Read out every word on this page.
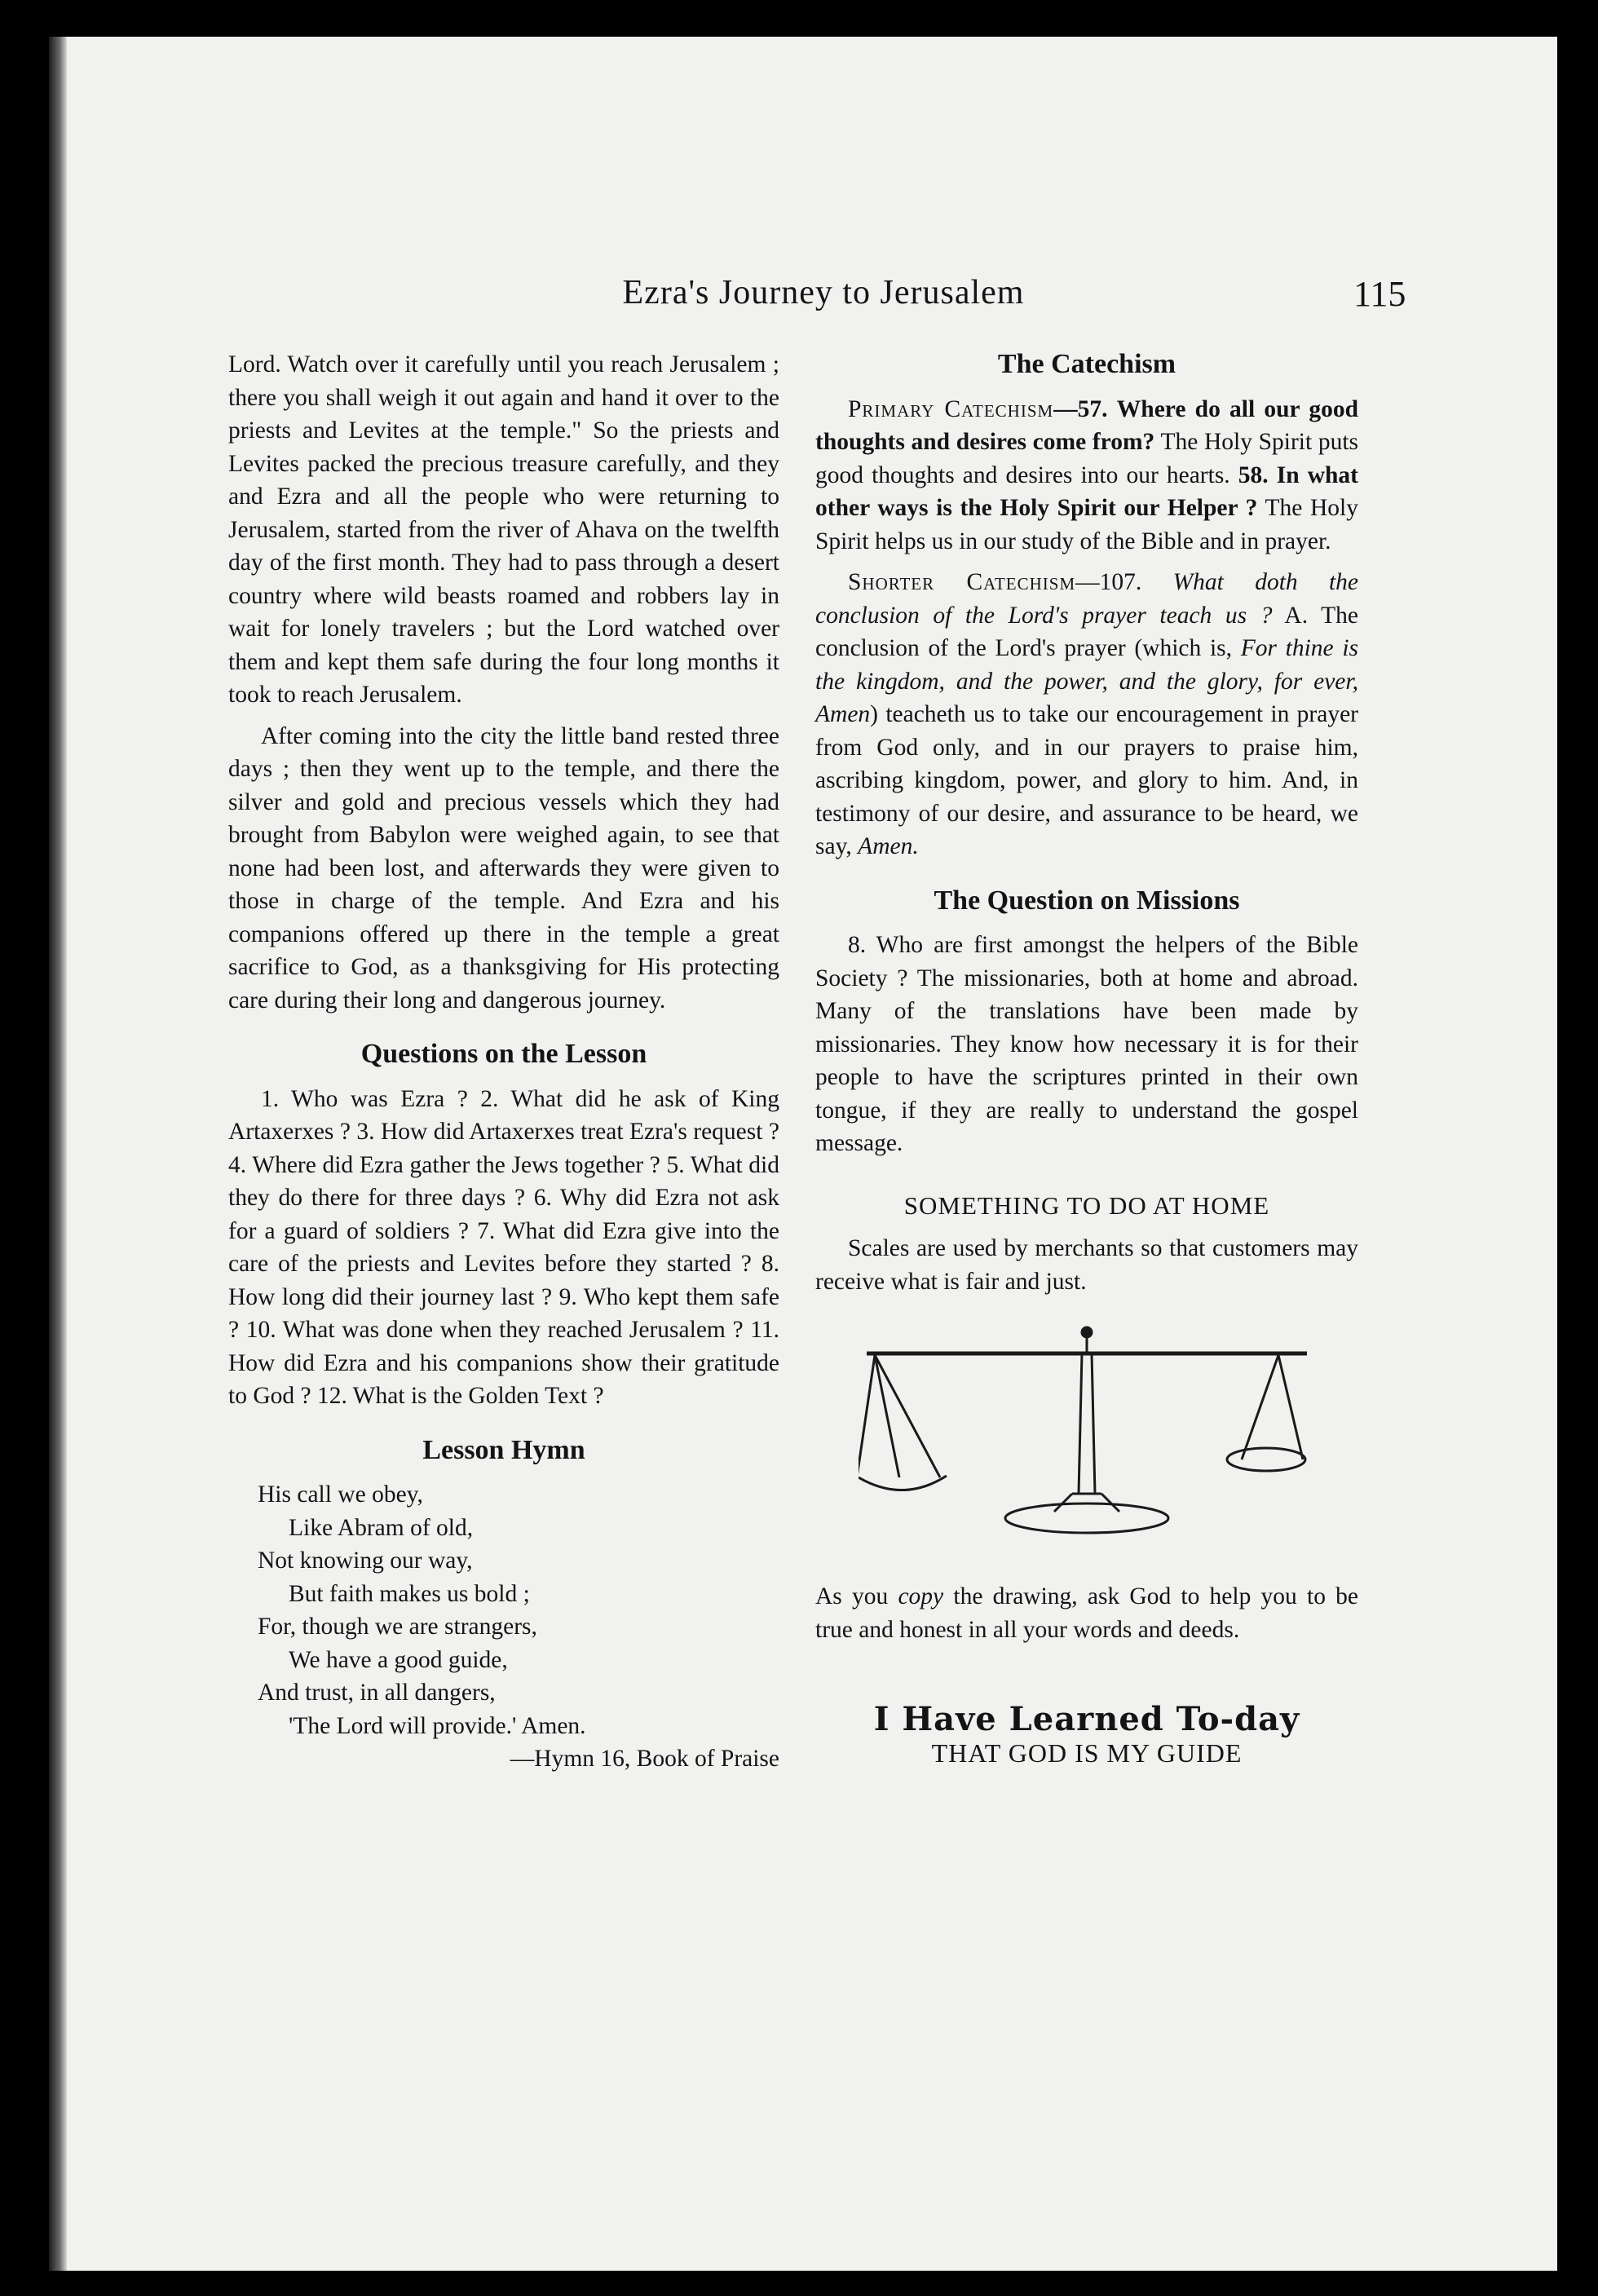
Ezra's Journey to Jerusalem	115

Lord. Watch over it carefully until you reach Jerusalem ; there you shall weigh it out again and hand it over to the priests and Levites at the temple." So the priests and Levites packed the precious treasure carefully, and they and Ezra and all the people who were returning to Jerusalem, started from the river of Ahava on the twelfth day of the first month. They had to pass through a desert country where wild beasts roamed and robbers lay in wait for lonely travelers ; but the Lord watched over them and kept them safe during the four long months it took to reach Jerusalem.

After coming into the city the little band rested three days ; then they went up to the temple, and there the silver and gold and precious vessels which they had brought from Babylon were weighed again, to see that none had been lost, and afterwards they were given to those in charge of the temple. And Ezra and his companions offered up there in the temple a great sacrifice to God, as a thanksgiving for His protecting care during their long and dangerous journey.

Questions on the Lesson

1. Who was Ezra ? 2. What did he ask of King Artaxerxes ? 3. How did Artaxerxes treat Ezra's request ? 4. Where did Ezra gather the Jews together ? 5. What did they do there for three days ? 6. Why did Ezra not ask for a guard of soldiers ? 7. What did Ezra give into the care of the priests and Levites before they started ? 8. How long did their journey last ? 9. Who kept them safe ? 10. What was done when they reached Jerusalem ? 11. How did Ezra and his companions show their gratitude to God ? 12. What is the Golden Text ?

Lesson Hymn

His call we obey,

Like Abram of old,

Not knowing our way,

But faith makes us bold ;

For, though we are strangers,

We have a good guide,

And trust, in all dangers,

'The Lord will provide.' Amen.

—Hymn 16, Book of Praise

The Catechism

Primary Catechism—57. Where do all our good thoughts and desires come from? The Holy Spirit puts good thoughts and desires into our hearts. 58. In what other ways is the Holy Spirit our Helper ? The Holy Spirit helps us in our study of the Bible and in prayer.

Shorter Catechism—107. What doth the conclusion of the Lord's prayer teach us ? A. The conclusion of the Lord's prayer (which is, For thine is the kingdom, and the power, and the glory, for ever, Amen) teacheth us to take our encouragement in prayer from God only, and in our prayers to praise him, ascribing kingdom, power, and glory to him. And, in testimony of our desire, and assurance to be heard, we say, Amen.

The Question on Missions

8. Who are first amongst the helpers of the Bible Society ? The missionaries, both at home and abroad. Many of the translations have been made by missionaries. They know how necessary it is for their people to have the scriptures printed in their own tongue, if they are really to understand the gospel message.

SOMETHING TO DO AT HOME

Scales are used by merchants so that customers may receive what is fair and just.

As you copy the drawing, ask God to help you to be true and honest in all your words and deeds.

I Have Learned To-day
THAT GOD IS MY GUIDE
